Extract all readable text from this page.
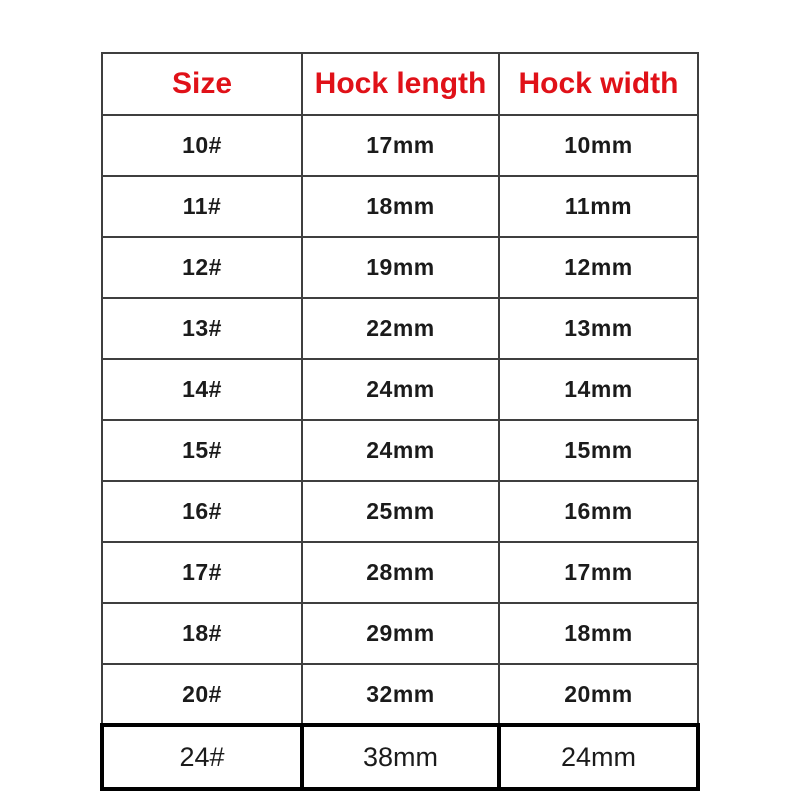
Size	Hock length	Hock width
10#	17mm	10mm
11#	18mm	11mm
12#	19mm	12mm
13#	22mm	13mm
14#	24mm	14mm
15#	24mm	15mm
16#	25mm	16mm
17#	28mm	17mm
18#	29mm	18mm
20#	32mm	20mm
24#	38mm	24mm
